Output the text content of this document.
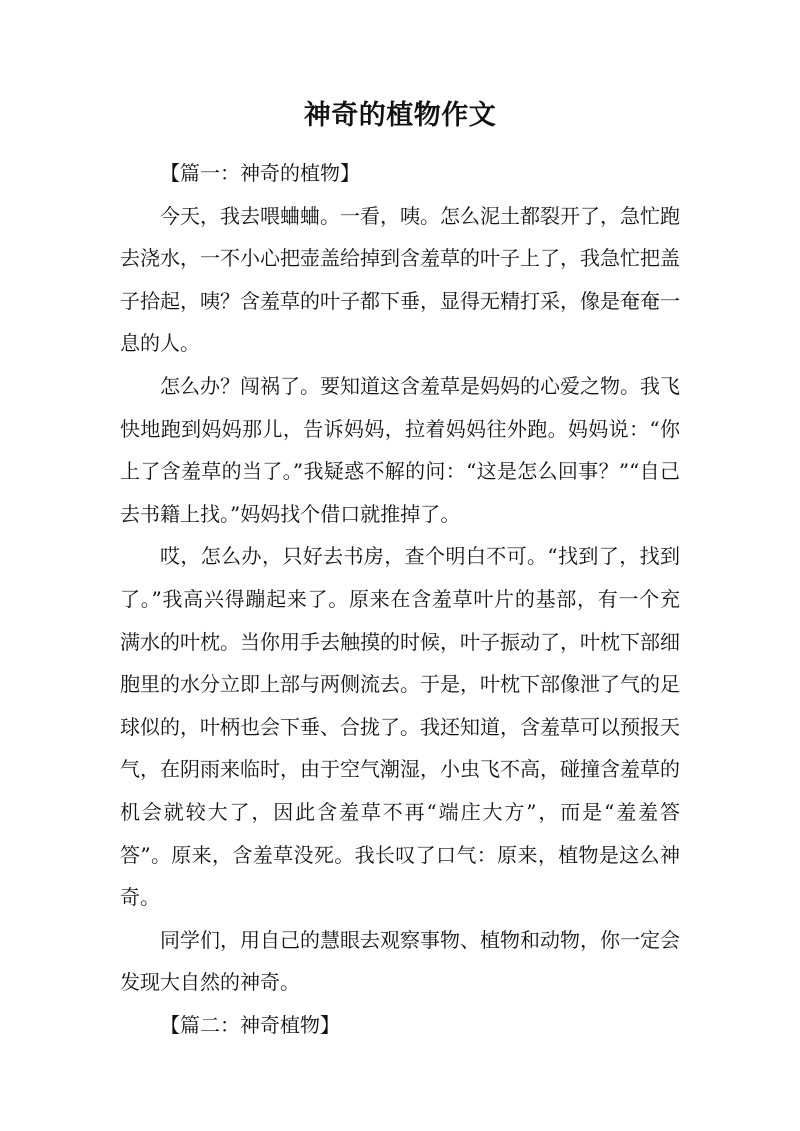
神奇的植物作文

【篇一：神奇的植物】

今天，我去喂蛐蛐。一看，咦。怎么泥土都裂开了，急忙跑去浇水，一不小心把壶盖给掉到含羞草的叶子上了，我急忙把盖子拾起，咦？含羞草的叶子都下垂，显得无精打采，像是奄奄一息的人。

怎么办？闯祸了。要知道这含羞草是妈妈的心爱之物。我飞快地跑到妈妈那儿，告诉妈妈，拉着妈妈往外跑。妈妈说：“你上了含羞草的当了。”我疑惑不解的问：“这是怎么回事？”“自己去书籍上找。”妈妈找个借口就推掉了。

哎，怎么办，只好去书房，查个明白不可。“找到了，找到了。”我高兴得蹦起来了。原来在含羞草叶片的基部，有一个充满水的叶枕。当你用手去触摸的时候，叶子振动了，叶枕下部细胞里的水分立即上部与两侧流去。于是，叶枕下部像泄了气的足球似的，叶柄也会下垂、合拢了。我还知道，含羞草可以预报天气，在阴雨来临时，由于空气潮湿，小虫飞不高，碰撞含羞草的机会就较大了，因此含羞草不再“端庄大方”，而是“羞羞答答”。原来，含羞草没死。我长叹了口气：原来，植物是这么神奇。

同学们，用自己的慧眼去观察事物、植物和动物，你一定会发现大自然的神奇。

【篇二：神奇植物】
